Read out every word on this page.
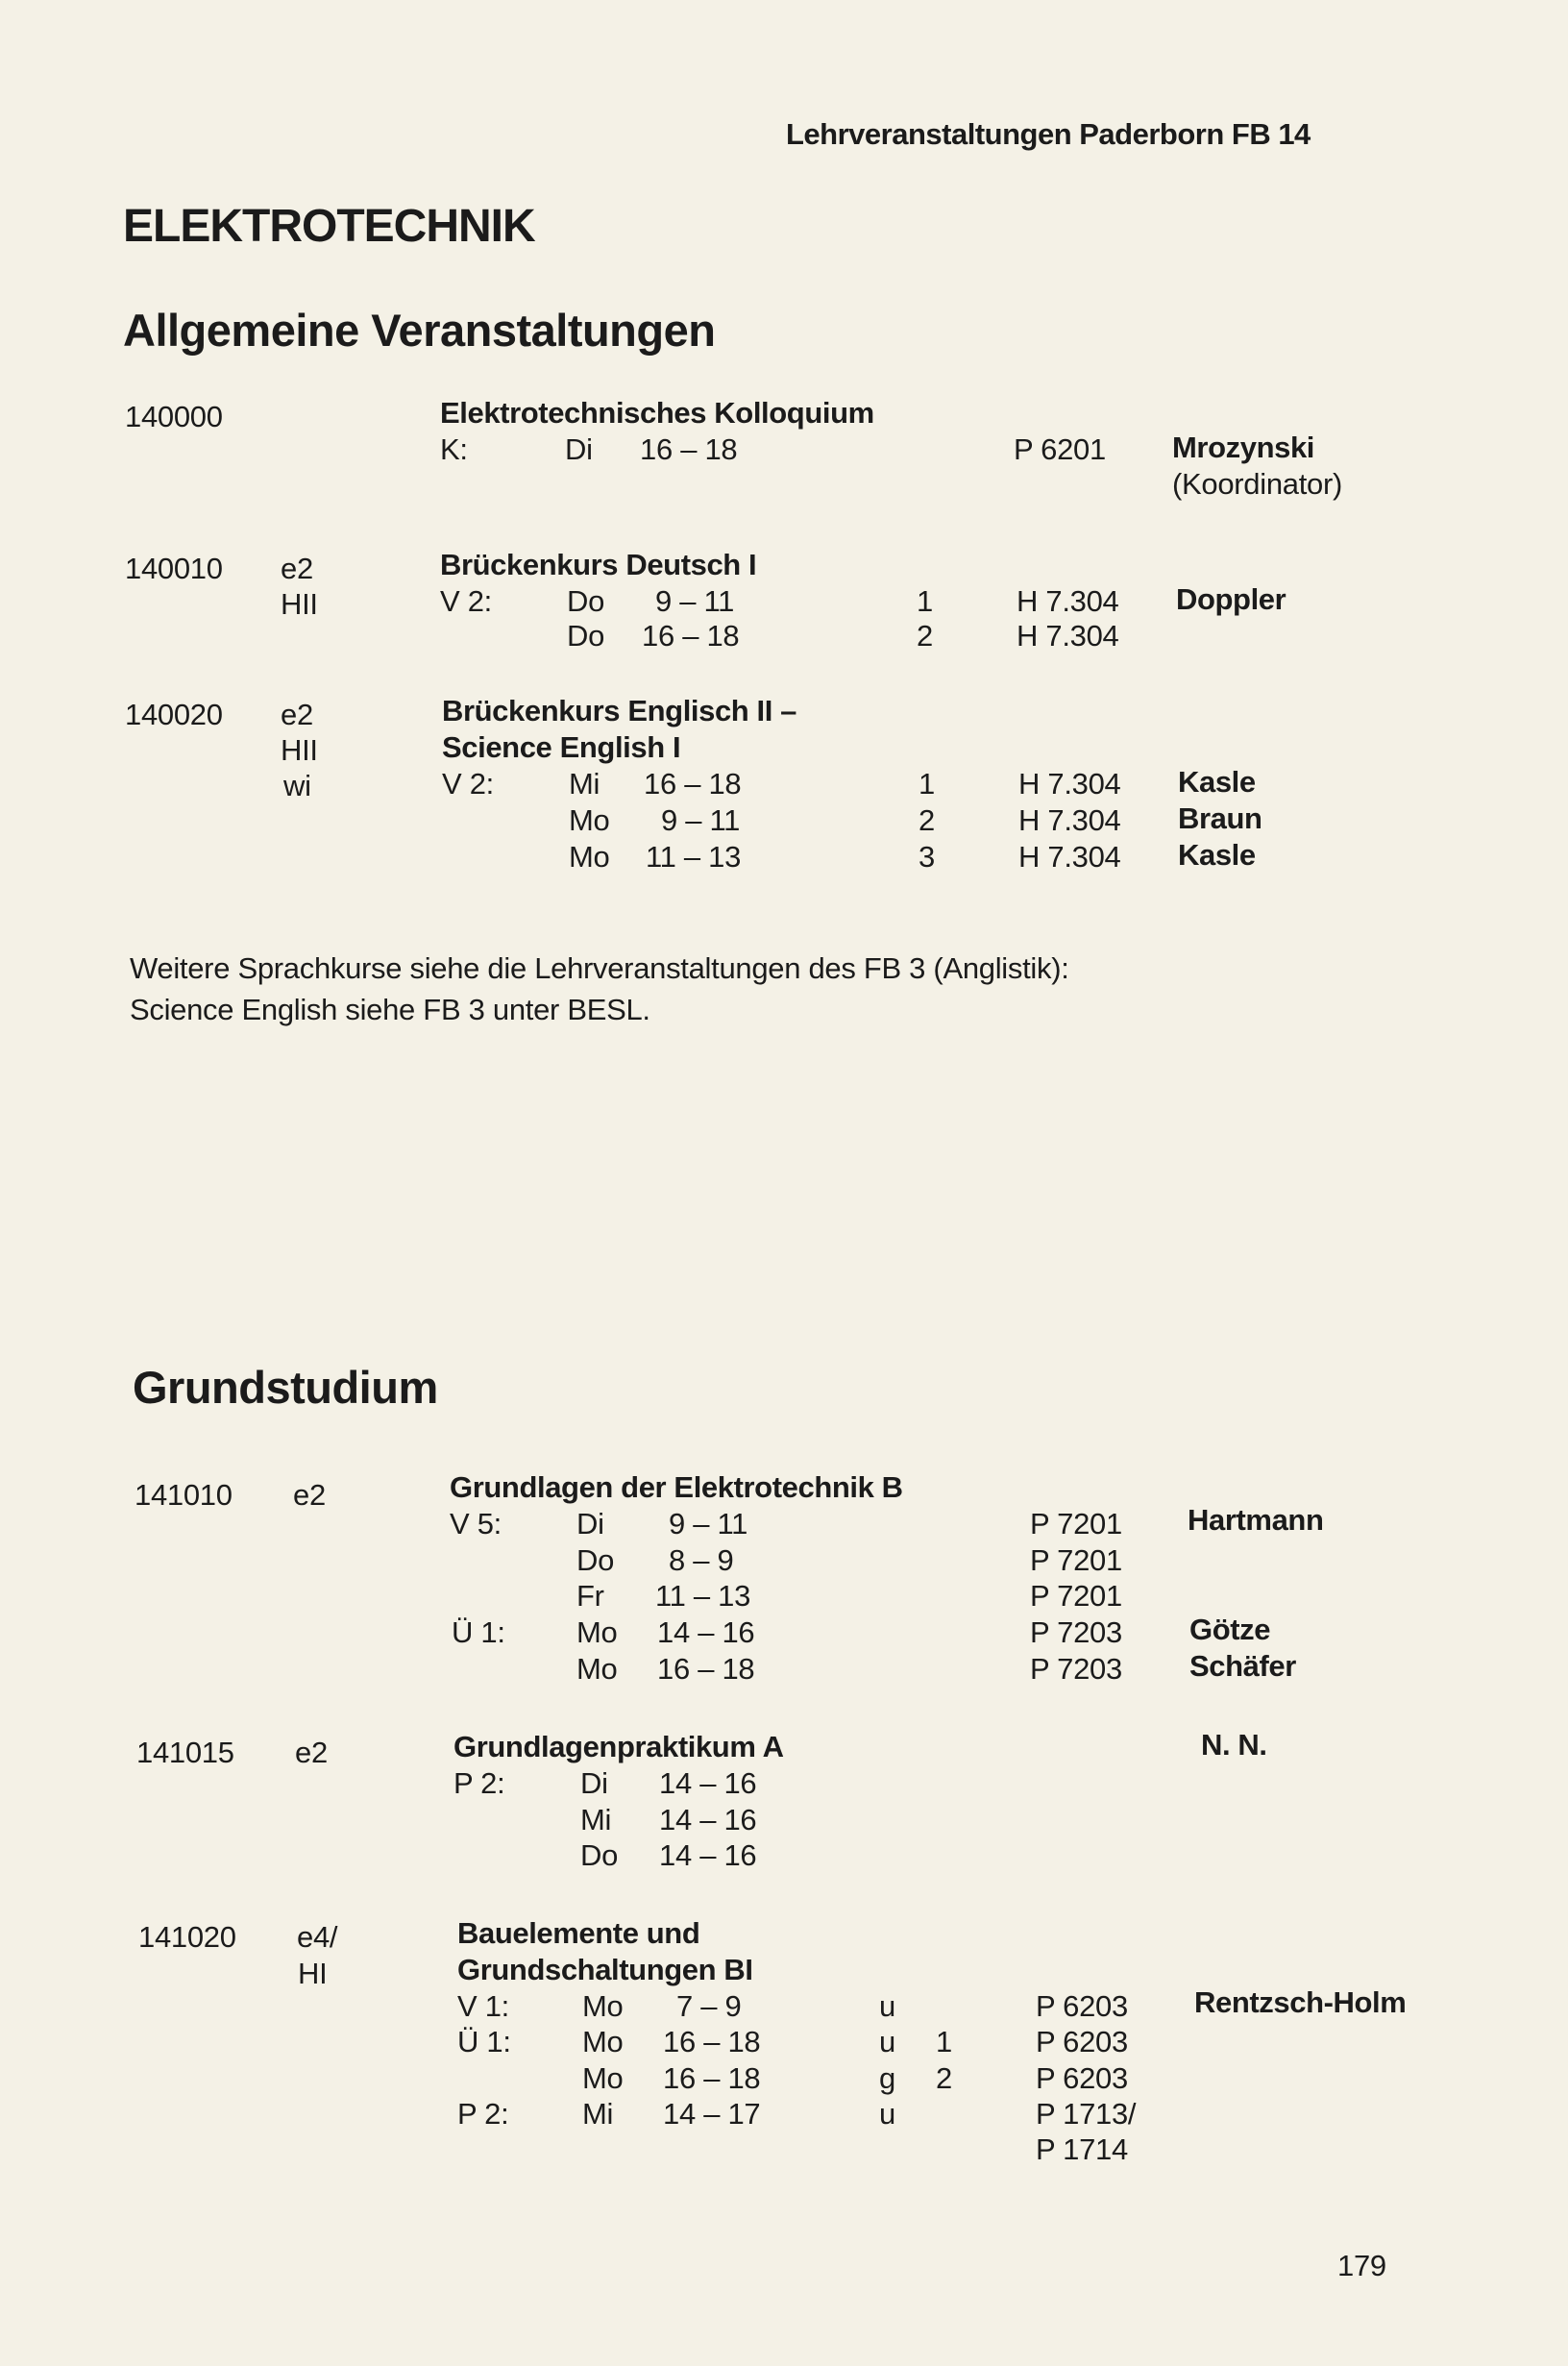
Lehrveranstaltungen Paderborn FB 14
ELEKTROTECHNIK
Allgemeine Veranstaltungen
140000	Elektrotechnisches Kolloquium
K:	Di 16 – 18	P 6201 Mrozynski
(Koordinator)
140010 e2
HII
Brückenkurs Deutsch I
V 2:	Do 9 – 11	1	H 7.304 Doppler
Do 16 – 18	2	H 7.304
140020 e2
HII
wi
Brückenkurs Englisch II –
Science English I
V 2:	Mi 16 – 18	1	H 7.304 Kasle
Mo 9 – 11	2	H 7.304 Braun
Mo 11 – 13	3	H 7.304 Kasle
Weitere Sprachkurse siehe die Lehrveranstaltungen des FB 3 (Anglistik):
Science English siehe FB 3 unter BESL.
Grundstudium
141010 e2	Grundlagen der Elektrotechnik B
V 5:	Di 9 – 11	P 7201 Hartmann
Do 8 – 9	P 7201
Fr 11 – 13	P 7201
Ü 1: Mo 14 – 16	P 7203 Götze
Mo 16 – 18	P 7203 Schäfer
141015 e2	Grundlagenpraktikum A	N. N.
P 2:	Di 14 – 16
Mi 14 – 16
Do 14 – 16
141020 e4/
HI
Bauelemente und
Grundschaltungen BI
V 1: Mo 7 – 9	u	P 6203 Rentzsch-Holm
Ü 1: Mo 16 – 18	u 1	P 6203
Mo 16 – 18	g 2	P 6203
P 2: Mi 14 – 17	u	P 1713/
P 1714
179
